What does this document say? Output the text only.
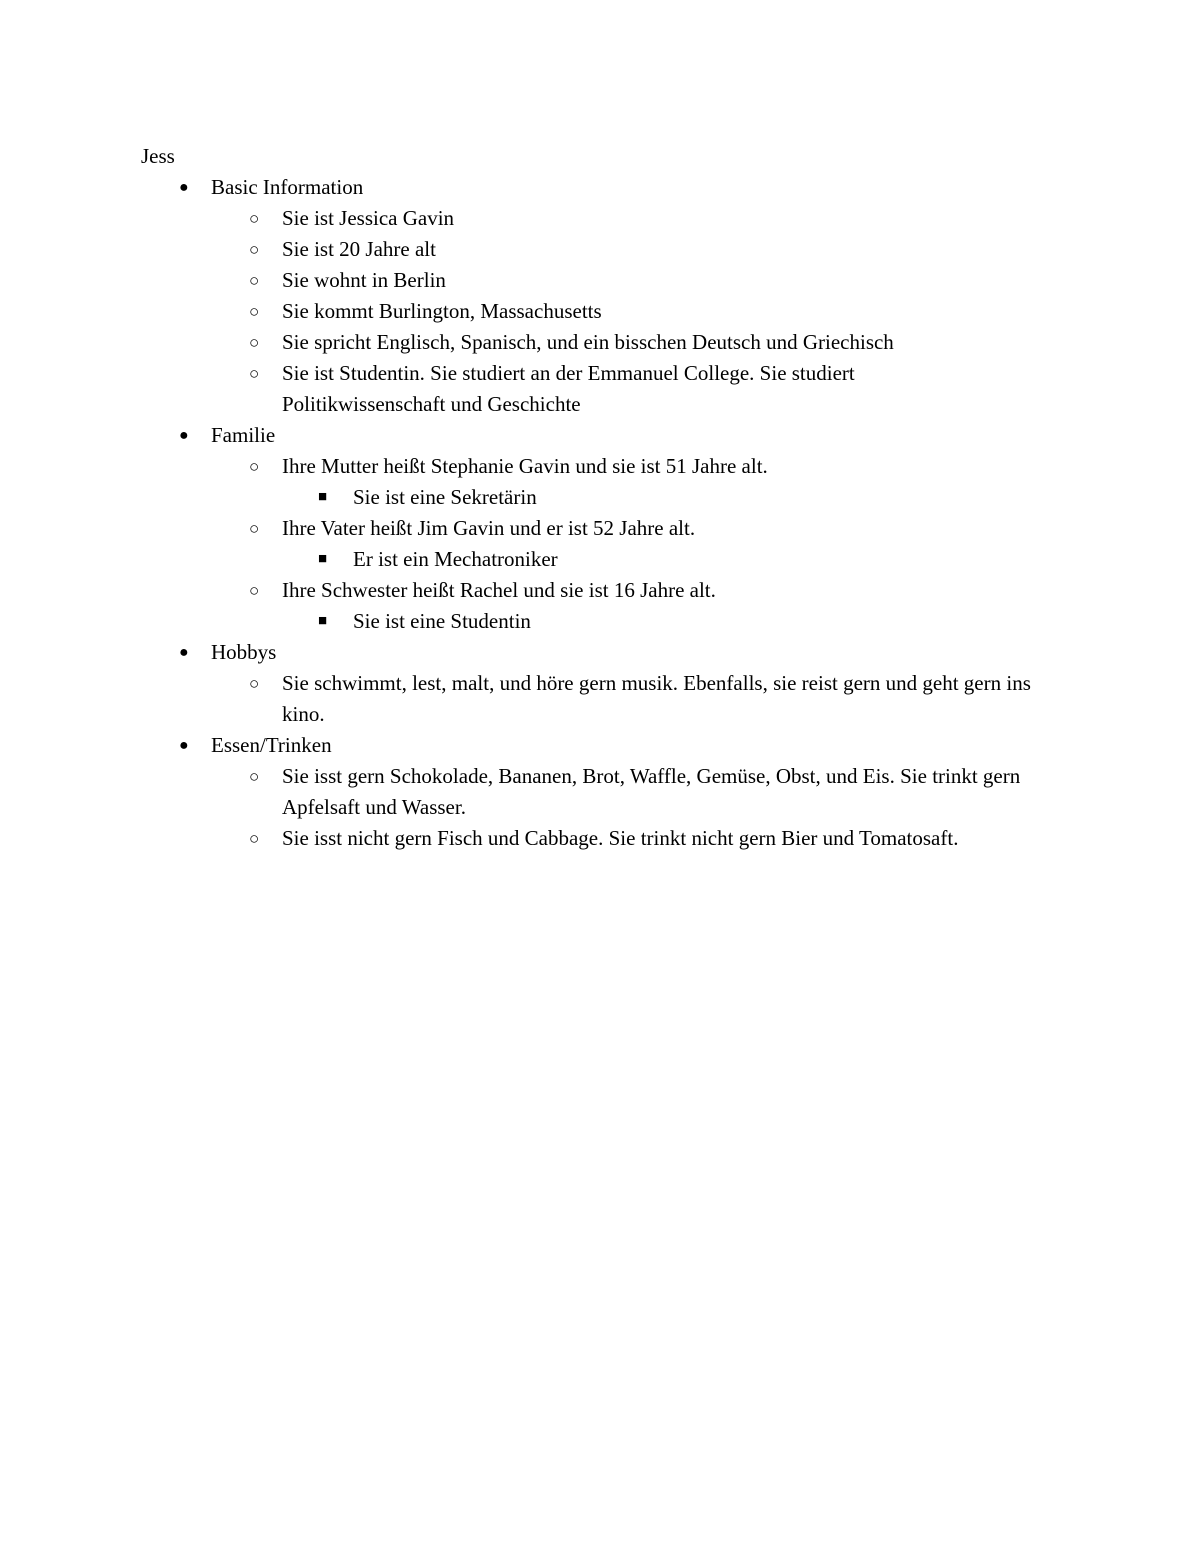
Jess
●
Basic Information
○
Sie ist Jessica Gavin
○
Sie ist 20 Jahre alt
○
Sie wohnt in Berlin
○
Sie kommt Burlington, Massachusetts
○
Sie spricht Englisch, Spanisch, und ein bisschen Deutsch und Griechisch
○
Sie ist Studentin. Sie studiert an der Emmanuel College. Sie studiert Politikwissenschaft und Geschichte
●
Familie
○
Ihre Mutter heißt Stephanie Gavin und sie ist 51 Jahre alt.
■
Sie ist eine Sekretärin
○
Ihre Vater heißt Jim Gavin und er ist 52 Jahre alt.
■
Er ist ein Mechatroniker
○
Ihre Schwester heißt Rachel und sie ist 16 Jahre alt.
■
Sie ist eine Studentin
●
Hobbys
○
Sie schwimmt, lest, malt, und höre gern musik. Ebenfalls, sie reist gern und geht gern ins kino.
●
Essen/Trinken
○
Sie isst gern Schokolade, Bananen, Brot, Waffle, Gemüse, Obst, und Eis. Sie trinkt gern Apfelsaft und Wasser.
○
Sie isst nicht gern Fisch und Cabbage. Sie trinkt nicht gern Bier und Tomatosaft.
